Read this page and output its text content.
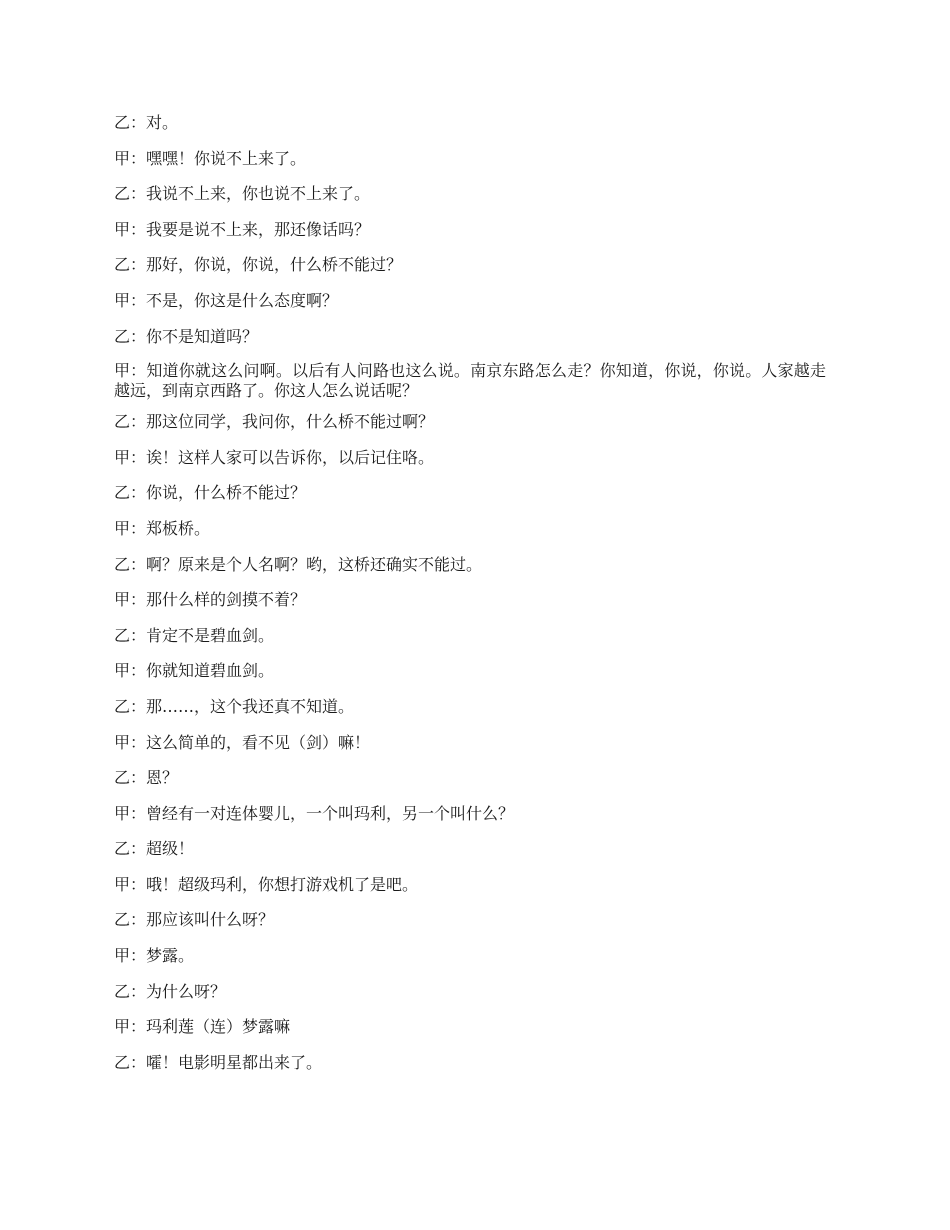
乙：对。

甲：嘿嘿！你说不上来了。

乙：我说不上来，你也说不上来了。

甲：我要是说不上来，那还像话吗？

乙：那好，你说，你说，什么桥不能过？

甲：不是，你这是什么态度啊？

乙：你不是知道吗？

甲：知道你就这么问啊。以后有人问路也这么说。南京东路怎么走？你知道，你说，你说。人家越走越远，到南京西路了。你这人怎么说话呢？

乙：那这位同学，我问你，什么桥不能过啊？

甲：诶！这样人家可以告诉你，以后记住咯。

乙：你说，什么桥不能过？

甲：郑板桥。

乙：啊？原来是个人名啊？哟，这桥还确实不能过。

甲：那什么样的剑摸不着？

乙：肯定不是碧血剑。

甲：你就知道碧血剑。

乙：那……，这个我还真不知道。

甲：这么简单的，看不见（剑）嘛！

乙：恩？

甲：曾经有一对连体婴儿，一个叫玛利，另一个叫什么？

乙：超级！

甲：哦！超级玛利，你想打游戏机了是吧。

乙：那应该叫什么呀？

甲：梦露。

乙：为什么呀？

甲：玛利莲（连）梦露嘛

乙：嚯！电影明星都出来了。
